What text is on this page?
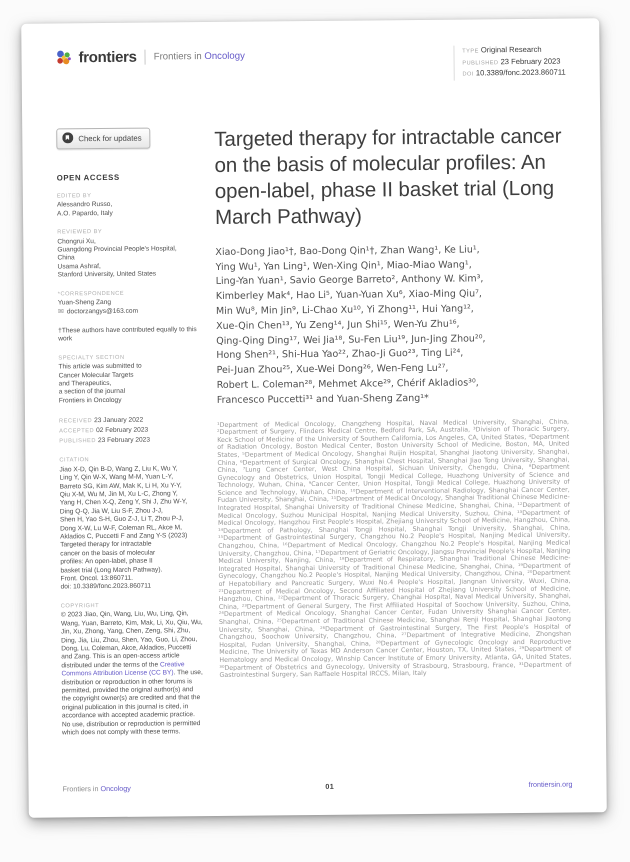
frontiers Frontiers in Oncology	TYPE Original Research
PUBLISHED 23 February 2023
DOI 10.3389/fonc.2023.860711
Check for updates
OPEN ACCESS
EDITED BY
Alessandro Russo,
A.O. Papardo, Italy
REVIEWED BY
Chongrui Xu,
Guangdong Provincial People's Hospital,
China
Usama Ashraf,
Stanford University, United States
*CORRESPONDENCE
Yuan-Sheng Zang
✉ doctorzangys@163.com
†These authors have contributed equally to this work
SPECIALTY SECTION
This article was submitted to
Cancer Molecular Targets
and Therapeutics,
a section of the journal
Frontiers in Oncology
RECEIVED 23 January 2022
ACCEPTED 02 February 2023
PUBLISHED 23 February 2023
CITATION
Jiao X-D, Qin B-D, Wang Z, Liu K, Wu Y,
Ling Y, Qin W-X, Wang M-M, Yuan L-Y,
Barreto SG, Kim AW, Mak K, Li H, Xu Y-Y,
Qiu X-M, Wu M, Jin M, Xu L-C, Zhong Y,
Yang H, Chen X-Q, Zeng Y, Shi J, Zhu W-Y,
Ding Q-Q, Jia W, Liu S-F, Zhou J-J,
Shen H, Yao S-H, Guo Z-J, Li T, Zhou P-J,
Dong X-W, Lu W-F, Coleman RL, Akce M,
Akladios C, Puccetti F and Zang Y-S (2023)
Targeted therapy for intractable
cancer on the basis of molecular
profiles: An open-label, phase II
basket trial (Long March Pathway).
Front. Oncol. 13:860711.
doi: 10.3389/fonc.2023.860711
COPYRIGHT
© 2023 Jiao, Qin, Wang, Liu, Wu, Ling, Qin, Wang, Yuan, Barreto, Kim, Mak, Li, Xu, Qiu, Wu, Jin, Xu, Zhong, Yang, Chen, Zeng, Shi, Zhu, Ding, Jia, Liu, Zhou, Shen, Yao, Guo, Li, Zhou, Dong, Lu, Coleman, Akce, Akladios, Puccetti and Zang. This is an open-access article distributed under the terms of the Creative Commons Attribution License (CC BY). The use, distribution or reproduction in other forums is permitted, provided the original author(s) and the copyright owner(s) are credited and that the original publication in this journal is cited, in accordance with accepted academic practice. No use, distribution or reproduction is permitted which does not comply with these terms.
Targeted therapy for intractable cancer on the basis of molecular profiles: An open-label, phase II basket trial (Long March Pathway)
Xiao-Dong Jiao¹†, Bao-Dong Qin¹†, Zhan Wang¹, Ke Liu¹,
Ying Wu¹, Yan Ling¹, Wen-Xing Qin¹, Miao-Miao Wang¹,
Ling-Yan Yuan¹, Savio George Barreto², Anthony W. Kim³,
Kimberley Mak⁴, Hao Li⁵, Yuan-Yuan Xu⁶, Xiao-Ming Qiu⁷,
Min Wu⁸, Min Jin⁹, Li-Chao Xu¹⁰, Yi Zhong¹¹, Hui Yang¹²,
Xue-Qin Chen¹³, Yu Zeng¹⁴, Jun Shi¹⁵, Wen-Yu Zhu¹⁶,
Qing-Qing Ding¹⁷, Wei Jia¹⁸, Su-Fen Liu¹⁹, Jun-Jing Zhou²⁰,
Hong Shen²¹, Shi-Hua Yao²², Zhao-Ji Guo²³, Ting Li²⁴,
Pei-Juan Zhou²⁵, Xue-Wei Dong²⁶, Wen-Feng Lu²⁷,
Robert L. Coleman²⁸, Mehmet Akce²⁹, Chérif Akladios³⁰,
Francesco Puccetti³¹ and Yuan-Sheng Zang¹*
¹Department of Medical Oncology, Changzheng Hospital, Naval Medical University, Shanghai, China, ²Department of Surgery, Flinders Medical Centre, Bedford Park, SA, Australia, ³Division of Thoracic Surgery, Keck School of Medicine of the University of Southern California, Los Angeles, CA, United States, ⁴Department of Radiation Oncology, Boston Medical Center, Boston University School of Medicine, Boston, MA, United States, ⁵Department of Medical Oncology, Shanghai Ruijin Hospital, Shanghai Jiaotong University, Shanghai, China, ⁶Department of Surgical Oncology, Shanghai Chest Hospital, Shanghai Jiao Tong University, Shanghai, China, ⁷Lung Cancer Center, West China Hospital, Sichuan University, Chengdu, China, ⁸Department Gynecology and Obstetrics, Union Hospital, Tongji Medical College, Huazhong University of Science and Technology, Wuhan, China, ⁹Cancer Center, Union Hospital, Tongji Medical College, Huazhong University of Science and Technology, Wuhan, China, ¹⁰Department of Interventional Radiology, Shanghai Cancer Center, Fudan University, Shanghai, China, ¹¹Department of Medical Oncology, Shanghai Traditional Chinese Medicine-Integrated Hospital, Shanghai University of Traditional Chinese Medicine, Shanghai, China, ¹²Department of Medical Oncology, Suzhou Municipal Hospital, Nanjing Medical University, Suzhou, China, ¹³Department of Medical Oncology, Hangzhou First People's Hospital, Zhejiang University School of Medicine, Hangzhou, China, ¹⁴Department of Pathology, Shanghai Tongji Hospital, Shanghai Tongji University, Shanghai, China, ¹⁵Department of Gastrointestinal Surgery, Changzhou No.2 People's Hospital, Nanjing Medical University, Changzhou, China, ¹⁶Department of Medical Oncology, Changzhou No.2 People's Hospital, Nanjing Medical University, Changzhou, China, ¹⁷Department of Geriatric Oncology, Jiangsu Provincial People's Hospital, Nanjing Medical University, Nanjing, China, ¹⁸Department of Respiratory, Shanghai Traditional Chinese Medicine-Integrated Hospital, Shanghai University of Traditional Chinese Medicine, Shanghai, China, ¹⁹Department of Gynecology, Changzhou No.2 People's Hospital, Nanjing Medical University, Changzhou, China, ²⁰Department of Hepatobiliary and Pancreatic Surgery, Wuxi No.4 People's Hospital, Jiangnan University, Wuxi, China, ²¹Department of Medical Oncology, Second Affiliated Hospital of Zhejiang University School of Medicine, Hangzhou, China, ²²Department of Thoracic Surgery, Changhai Hospital, Naval Medical University, Shanghai, China, ²³Department of General Surgery, The First Affiliated Hospital of Soochow University, Suzhou, China, ²⁴Department of Medical Oncology, Shanghai Cancer Center, Fudan University Shanghai Cancer Center, Shanghai, China, ²⁵Department of Traditional Chinese Medicine, Shanghai Renji Hospital, Shanghai Jiaotong University, Shanghai, China, ²⁶Department of Gastrointestinal Surgery, The First People's Hospital of Changzhou, Soochow University, Changzhou, China, ²⁷Department of Integrative Medicine, Zhongshan Hospital, Fudan University, Shanghai, China, ²⁸Department of Gynecologic Oncology and Reproductive Medicine, The University of Texas MD Anderson Cancer Center, Houston, TX, United States, ²⁹Department of Hematology and Medical Oncology, Winship Cancer Institute of Emory University, Atlanta, GA, United States, ³⁰Department of Obstetrics and Gynecology, University of Strasbourg, Strasbourg, France, ³¹Department of Gastrointestinal Surgery, San Raffaele Hospital IRCCS, Milan, Italy
Frontiers in Oncology	01	frontiersin.org
